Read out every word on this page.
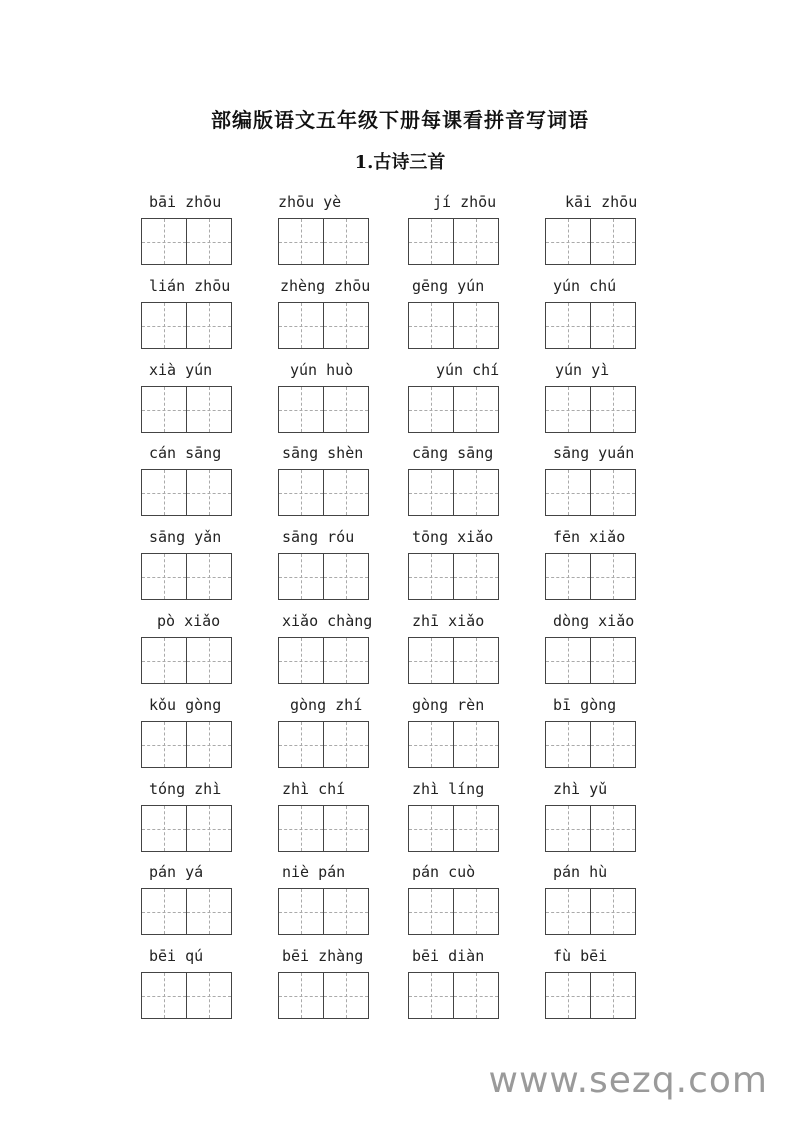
部编版语文五年级下册每课看拼音写词语
1.古诗三首
bāi zhōu	zhōu yè	jí zhōu	kāi zhōu
lián zhōu	zhèng zhōu	gēng yún	yún chú
xià yún	yún huò	yún chí	yún yì
cán sāng	sāng shèn	cāng sāng	sāng yuán
sāng yǎn	sāng róu	tōng xiǎo	fēn xiǎo
pò xiǎo	xiǎo chàng	zhī xiǎo	dòng xiǎo
kǒu gòng	gòng zhí	gòng rèn	bī gòng
tóng zhì	zhì chí	zhì líng	zhì yǔ
pán yá	niè pán	pán cuò	pán hù
bēi qú	bēi zhàng	bēi diàn	fù bēi
www.sezq.com
